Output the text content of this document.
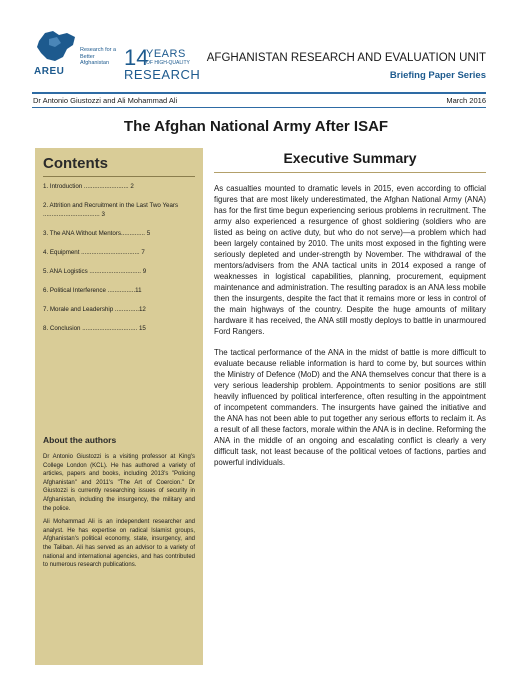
AREU
Research for a Better Afghanistan 14
YEARS
OF HIGH-QUALITY
RESEARCH
AFGHANISTAN RESEARCH AND EVALUATION UNIT
Briefing Paper Series
Dr Antonio Giustozzi and Ali Mohammad Ali	March 2016
The Afghan National Army After ISAF
Contents
1. Introduction .......................... 2
2. Attrition and Recruitment in the Last Two Years ................................. 3
3. The ANA Without Mentors.............. 5
4. Equipment .................................. 7
5. ANA Logistics .............................. 9
6. Political Interference ................11
7. Morale and Leadership ..............12
8. Conclusion ................................ 15
About the authors

Dr Antonio Giustozzi is a visiting professor at King's College London (KCL). He has authored a variety of articles, papers and books, including 2013's "Policing Afghanistan" and 2011's "The Art of Coercion." Dr Giustozzi is currently researching issues of security in Afghanistan, including the insurgency, the military and the police.

Ali Mohammad Ali is an independent researcher and analyst. He has expertise on radical Islamist groups, Afghanistan's political economy, state, insurgency, and the Taliban. Ali has served as an advisor to a variety of national and international agencies, and has contributed to numerous research publications.

Executive Summary

As casualties mounted to dramatic levels in 2015, even according to official figures that are most likely underestimated, the Afghan National Army (ANA) has for the first time begun experiencing serious problems in recruitment. The army also experienced a resurgence of ghost soldiering (soldiers who are listed as being on active duty, but who do not serve)—a problem which had been largely contained by 2010. The units most exposed in the fighting were seriously depleted and under-strength by November. The withdrawal of the mentors/advisers from the ANA tactical units in 2014 exposed a range of weaknesses in logistical capabilities, planning, procurement, equipment maintenance and administration. The resulting paradox is an ANA less mobile then the insurgents, despite the fact that it remains more or less in control of the main highways of the country. Despite the huge amounts of military hardware it has received, the ANA still mostly deploys to battle in unarmoured Ford Rangers.

The tactical performance of the ANA in the midst of battle is more difficult to evaluate because reliable information is hard to come by, but sources within the Ministry of Defence (MoD) and the ANA themselves concur that there is a very serious leadership problem. Appointments to senior positions are still heavily influenced by political interference, often resulting in the appointment of incompetent commanders. The insurgents have gained the initiative and the ANA has not been able to put together any serious efforts to reclaim it. As a result of all these factors, morale within the ANA is in decline. Reforming the ANA in the middle of an ongoing and escalating conflict is clearly a very difficult task, not least because of the political vetoes of factions, parties and powerful individuals.
